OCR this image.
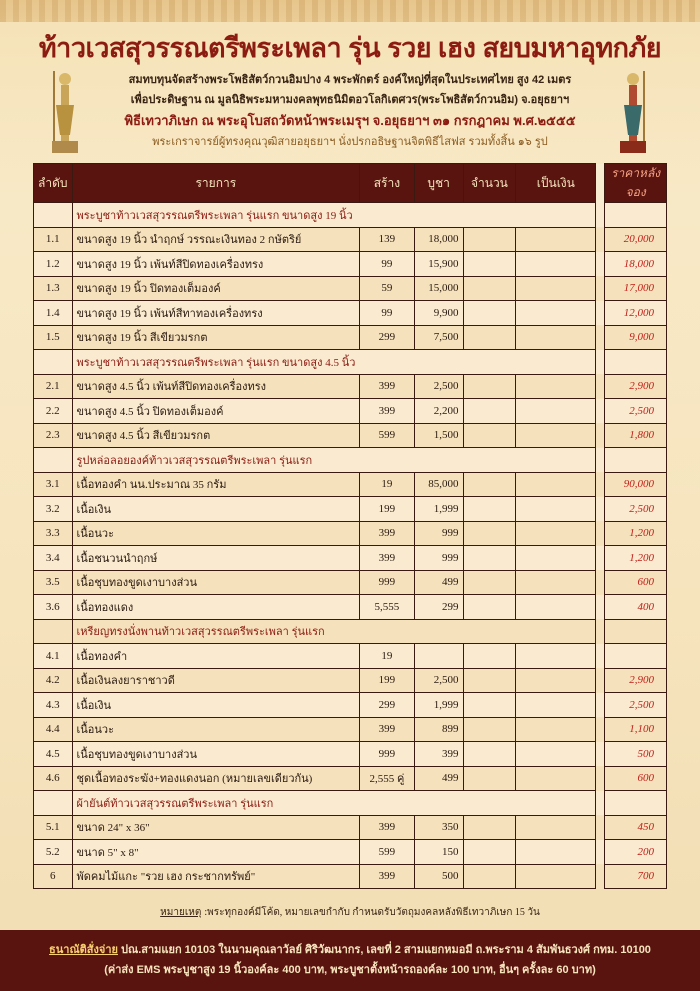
ท้าวเวสสุวรรณตรีพระเพลา รุ่น รวย เฮง สยบมหาอุทกภัย
สมทบทุนจัดสร้างพระโพธิสัตว์กวนอิมปาง 4 พระพักตร์ องค์ใหญ่ที่สุดในประเทศไทย สูง 42 เมตร
เพื่อประดิษฐาน ณ มูลนิธิพระมหามงคลพุทธนิมิตอวโลกิเตศวร(พระโพธิสัตว์กวนอิม) จ.อยุธยาฯ
พิธีเทวาภิเษก ณ พระอุโบสถวัดหน้าพระเมรุฯ จ.อยุธยาฯ ๓๑ กรกฎาคม พ.ศ.๒๕๕๕
พระเกราจารย์ผู้ทรงคุณวุฒิสายอยุธยาฯ นั่งปรกอธิษฐานจิตพิธีไสฟส รวมทั้งสิ้น ๑๖ รูป
ลำดับ	รายการ	สร้าง	บูชา	จำนวน	เป็นเงิน		ราคาหลังจอง
	พระบูชาท้าวเวสสุวรรณตรีพระเพลา รุ่นแรก ขนาดสูง 19 นิ้ว						
1.1	ขนาดสูง 19 นิ้ว นำฤกษ์ วรรณะเงินทอง 2 กษัตริย์	139	18,000				20,000
1.2	ขนาดสูง 19 นิ้ว เพ้นท์สีปิดทองเครื่องทรง	99	15,900				18,000
1.3	ขนาดสูง 19 นิ้ว ปิดทองเต็มองค์	59	15,000				17,000
1.4	ขนาดสูง 19 นิ้ว เพ้นท์สีทาทองเครื่องทรง	99	9,900				12,000
1.5	ขนาดสูง 19 นิ้ว สีเขียวมรกต	299	7,500				9,000
	พระบูชาท้าวเวสสุวรรณตรีพระเพลา รุ่นแรก ขนาดสูง 4.5 นิ้ว						
2.1	ขนาดสูง 4.5 นิ้ว เพ้นท์สีปิดทองเครื่องทรง	399	2,500				2,900
2.2	ขนาดสูง 4.5 นิ้ว ปิดทองเต็มองค์	399	2,200				2,500
2.3	ขนาดสูง 4.5 นิ้ว สีเขียวมรกต	599	1,500				1,800
	รูปหล่อลอยองค์ท้าวเวสสุวรรณตรีพระเพลา รุ่นแรก						
3.1	เนื้อทองคำ นน.ประมาณ 35 กรัม	19	85,000				90,000
3.2	เนื้อเงิน	199	1,999				2,500
3.3	เนื้อนวะ	399	999				1,200
3.4	เนื้อชนวนนำฤกษ์	399	999				1,200
3.5	เนื้อชุบทองขูดเงาบางส่วน	999	499				600
3.6	เนื้อทองแดง	5,555	299				400
	เหรียญทรงนั่งพานท้าวเวสสุวรรณตรีพระเพลา รุ่นแรก						
4.1	เนื้อทองคำ	19					
4.2	เนื้อเงินลงยาราชาวดี	199	2,500				2,900
4.3	เนื้อเงิน	299	1,999				2,500
4.4	เนื้อนวะ	399	899				1,100
4.5	เนื้อชุบทองขูดเงาบางส่วน	999	399				500
4.6	ชุดเนื้อทองระฆัง+ทองแดงนอก (หมายเลขเดียวกัน)	2,555 คู่	499				600
	ผ้ายันต์ท้าวเวสสุวรรณตรีพระเพลา รุ่นแรก						
5.1	ขนาด 24" x 36"	399	350				450
5.2	ขนาด 5" x 8"	599	150				200
6	พัดคมไม้แกะ "รวย เฮง กระชากทรัพย์"	399	500				700
หมายเหตุ :พระทุกองค์มีโค้ด, หมายเลขกำกับ กำหนดรับวัตถุมงคลหลังพิธีเทวาภิเษก 15 วัน
ธนาณัติสั่งจ่าย ปณ.สามแยก 10103 ในนามคุณลาวัลย์ ศิริวัฒนากร, เลขที่ 2 สามแยกหมอมี ถ.พระราม 4 สัมพันธวงศ์ กทม. 10100
(ค่าส่ง EMS พระบูชาสูง 19 นิ้วองค์ละ 400 บาท, พระบูชาตั้งหน้ารถองค์ละ 100 บาท, อื่นๆ ครั้งละ 60 บาท)
